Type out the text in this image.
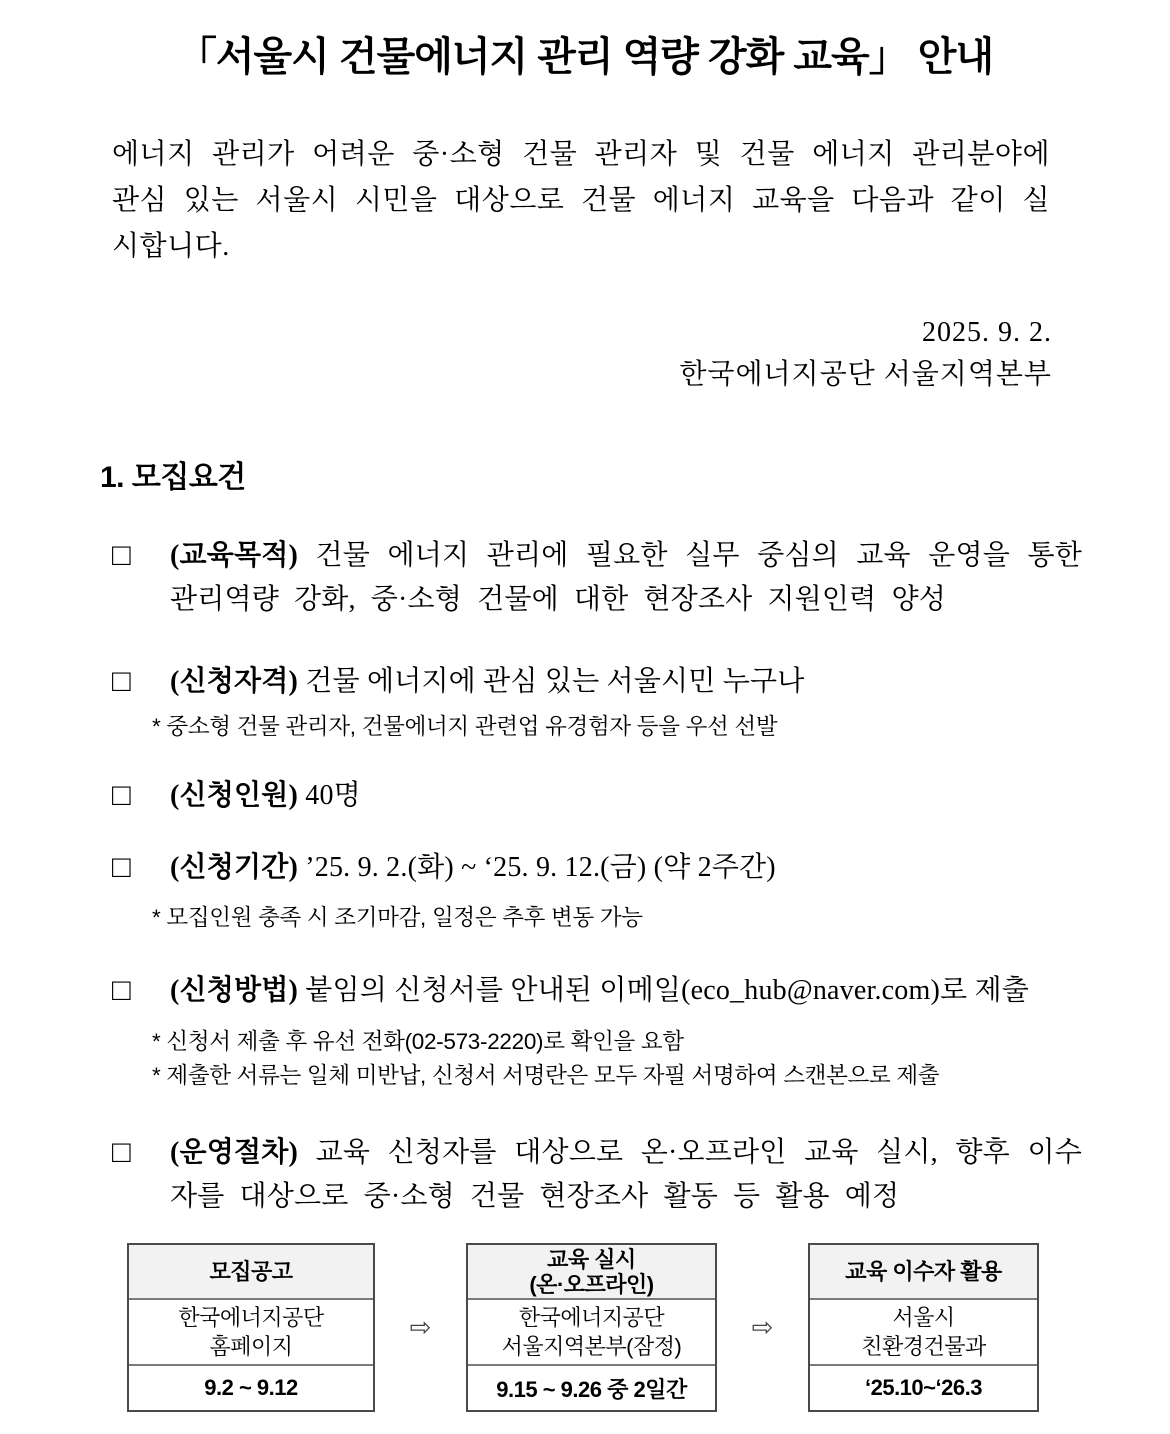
「서울시 건물에너지 관리 역량 강화 교육」 안내

에너지 관리가 어려운 중·소형 건물 관리자 및 건물 에너지 관리분야에 관심 있는 서울시 시민을 대상으로 건물 에너지 교육을 다음과 같이 실시합니다.

2025. 9. 2.
한국에너지공단 서울지역본부
1. 모집요건
□ (교육목적) 건물 에너지 관리에 필요한 실무 중심의 교육 운영을 통한 관리역량 강화, 중·소형 건물에 대한 현장조사 지원인력 양성
□ (신청자격) 건물 에너지에 관심 있는 서울시민 누구나
* 중소형 건물 관리자, 건물에너지 관련업 유경험자 등을 우선 선발
□ (신청인원) 40명
□ (신청기간) ’25. 9. 2.(화) ~ ‘25. 9. 12.(금) (약 2주간)
* 모집인원 충족 시 조기마감, 일정은 추후 변동 가능
□ (신청방법) 붙임의 신청서를 안내된 이메일(eco_hub@naver.com)로 제출
* 신청서 제출 후 유선 전화(02-573-2220)로 확인을 요함
* 제출한 서류는 일체 미반납, 신청서 서명란은 모두 자필 서명하여 스캔본으로 제출
□ (운영절차) 교육 신청자를 대상으로 온·오프라인 교육 실시, 향후 이수자를 대상으로 중·소형 건물 현장조사 활동 등 활용 예정
모집공고
한국에너지공단
홈페이지
9.2 ~ 9.12
⇨
교육 실시
(온·오프라인)
한국에너지공단
서울지역본부(잠정)
9.15 ~ 9.26 중 2일간
⇨
교육 이수자 활용
서울시
친환경건물과
‘25.10~‘26.3
